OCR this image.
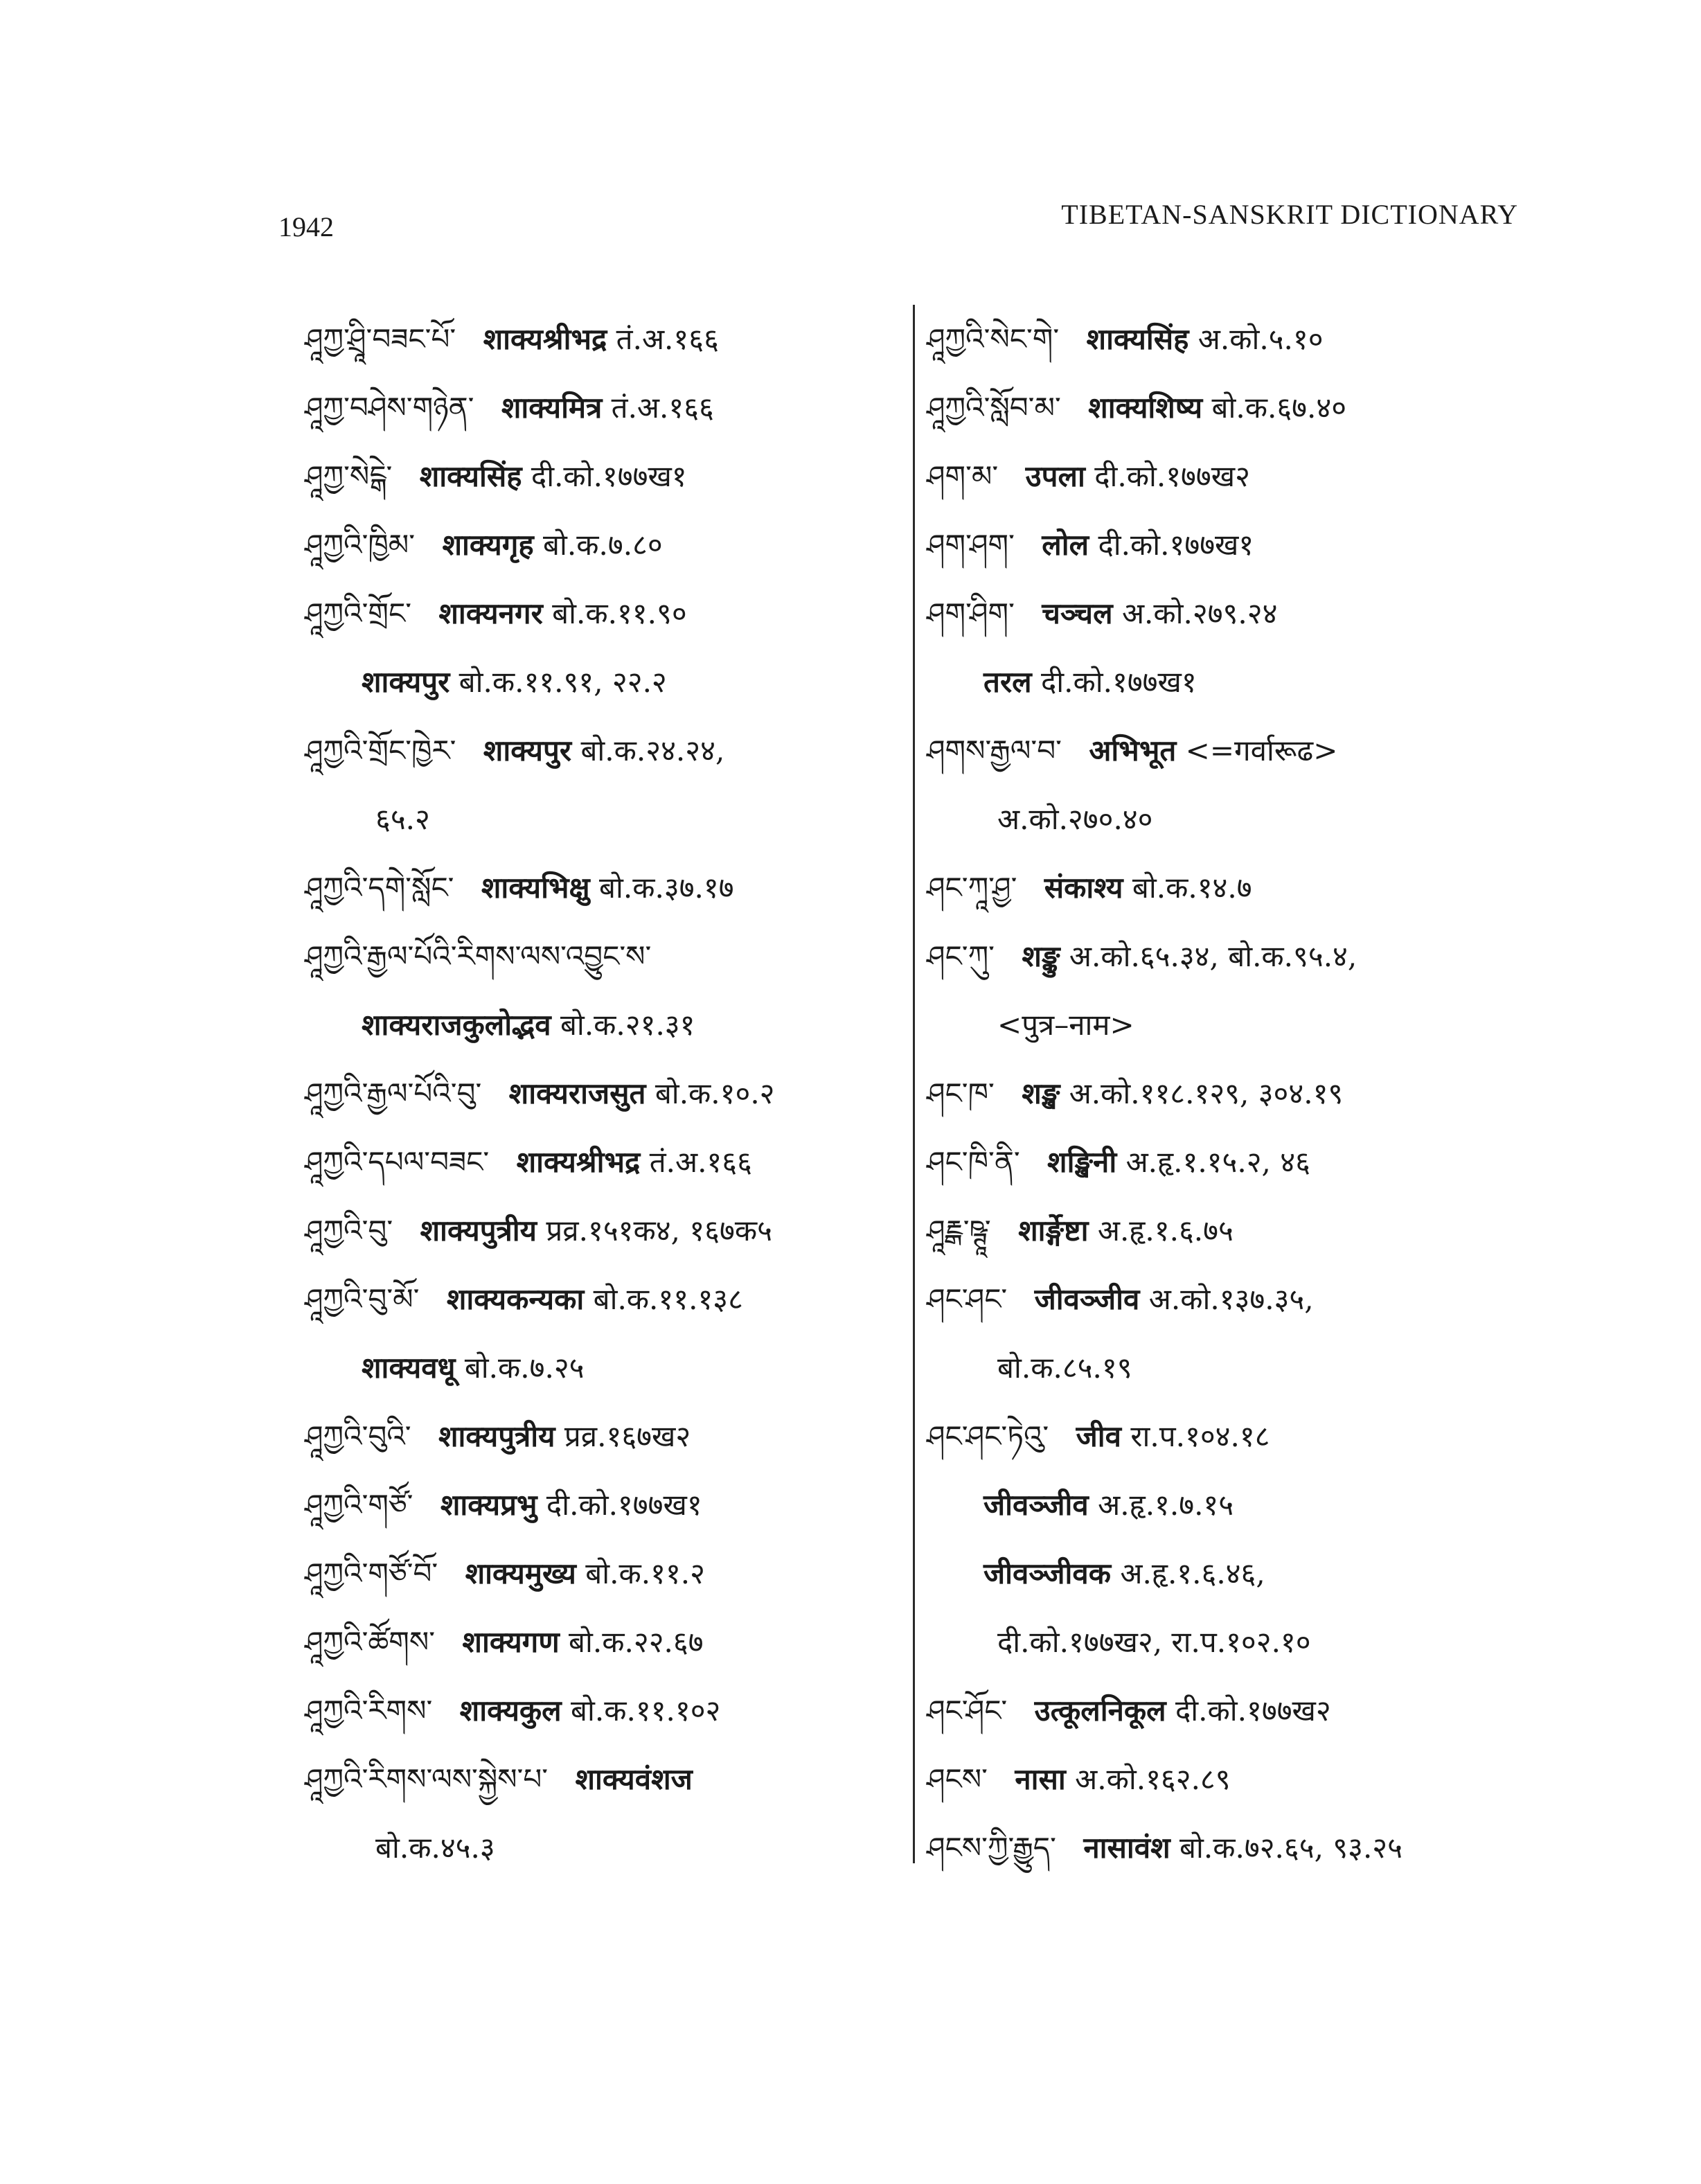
1942	TIBETAN-SANSKRIT DICTIONARY
ཤཱཀྱ་ཤྲཱི་བཟང་པོ་ शाक्यश्रीभद्र तं.अ.१६६
ཤཱཀྱ་བཤེས་གཉེན་ शाक्यमित्र तं.अ.१६६
ཤཱཀྱ་སེངྒེ་ शाक्यसिंह दी.को.१७७ख१
ཤཱཀྱའི་ཁྱིམ་ शाक्यगृह बो.क.७.८०
ཤཱཀྱའི་གྲོང་ शाक्यनगर बो.क.११.९०
शाक्यपुर बो.क.११.९१, २२.२
ཤཱཀྱའི་གྲོང་ཁྱེར་ शाक्यपुर बो.क.२४.२४,
६५.२
ཤཱཀྱའི་དགེ་སློང་ शाक्यभिक्षु बो.क.३७.१७
ཤཱཀྱའི་རྒྱལ་པོའི་རིགས་ལས་འབྱུང་ས་
शाक्यराजकुलोद्भव बो.क.२१.३१
ཤཱཀྱའི་རྒྱལ་པོའི་བུ་ शाक्यराजसुत बो.क.१०.२
ཤཱཀྱའི་དཔལ་བཟང་ शाक्यश्रीभद्र तं.अ.१६६
ཤཱཀྱའི་བུ་ शाक्यपुत्रीय प्रव्र.१५१क४, १६७क५
ཤཱཀྱའི་བུ་མོ་ शाक्यकन्यका बो.क.११.१३८
शाक्यवधू बो.क.७.२५
ཤཱཀྱའི་བུའི་ शाक्यपुत्रीय प्रव्र.१६७ख२
ཤཱཀྱའི་གཙོ་ शाक्यप्रभु दी.को.१७७ख१
ཤཱཀྱའི་གཙོ་བོ་ शाक्यमुख्य बो.क.११.२
ཤཱཀྱའི་ཚོགས་ शाक्यगण बो.क.२२.६७
ཤཱཀྱའི་རིགས་ शाक्यकुल बो.क.११.१०२
ཤཱཀྱའི་རིགས་ལས་སྐྱེས་པ་ शाक्यवंशज
बो.क.४५.३
ཤཱཀྱའི་སེང་གེ་ शाक्यसिंह अ.को.५.१०
ཤཱཀྱའི་སློབ་མ་ शाक्यशिष्य बो.क.६७.४०
ཤག་མ་ उपला दी.को.१७७ख२
ཤག་ཤག་ लोल दी.को.१७७ख१
ཤག་ཤིག་ चञ्चल अ.को.२७९.२४
तरल दी.को.१७७ख१
ཤགས་རྒྱལ་བ་ अभिभूत <=गर्वारूढ>
अ.को.२७०.४०
ཤང་ཀཱ་ཤྱ་ संकाश्य बो.क.१४.७
ཤང་ཀུ་ शङ्कु अ.को.६५.३४, बो.क.९५.४,
<पुत्र–नाम>
ཤང་ཁ་ शङ्ख अ.को.११८.१२९, ३०४.१९
ཤང་ཁི་ནི་ शङ्खिनी अ.हृ.१.१५.२, ४६
ཤཱརྔྒ་ཥྚཱ་ शार्ङ्गेष्टा अ.हृ.१.६.७५
ཤང་ཤང་ जीवञ्जीव अ.को.१३७.३५,
बो.क.८५.१९
ཤང་ཤང་ཏེའུ་ जीव रा.प.१०४.१८
जीवञ्जीव अ.हृ.१.७.१५
जीवञ्जीवक अ.हृ.१.६.४६,
दी.को.१७७ख२, रा.प.१०२.१०
ཤང་ཤོང་ उत्कूलनिकूल दी.को.१७७ख२
ཤངས་ नासा अ.को.१६२.८९
ཤངས་ཀྱི་རྒྱུད་ नासावंश बो.क.७२.६५, ९३.२५
